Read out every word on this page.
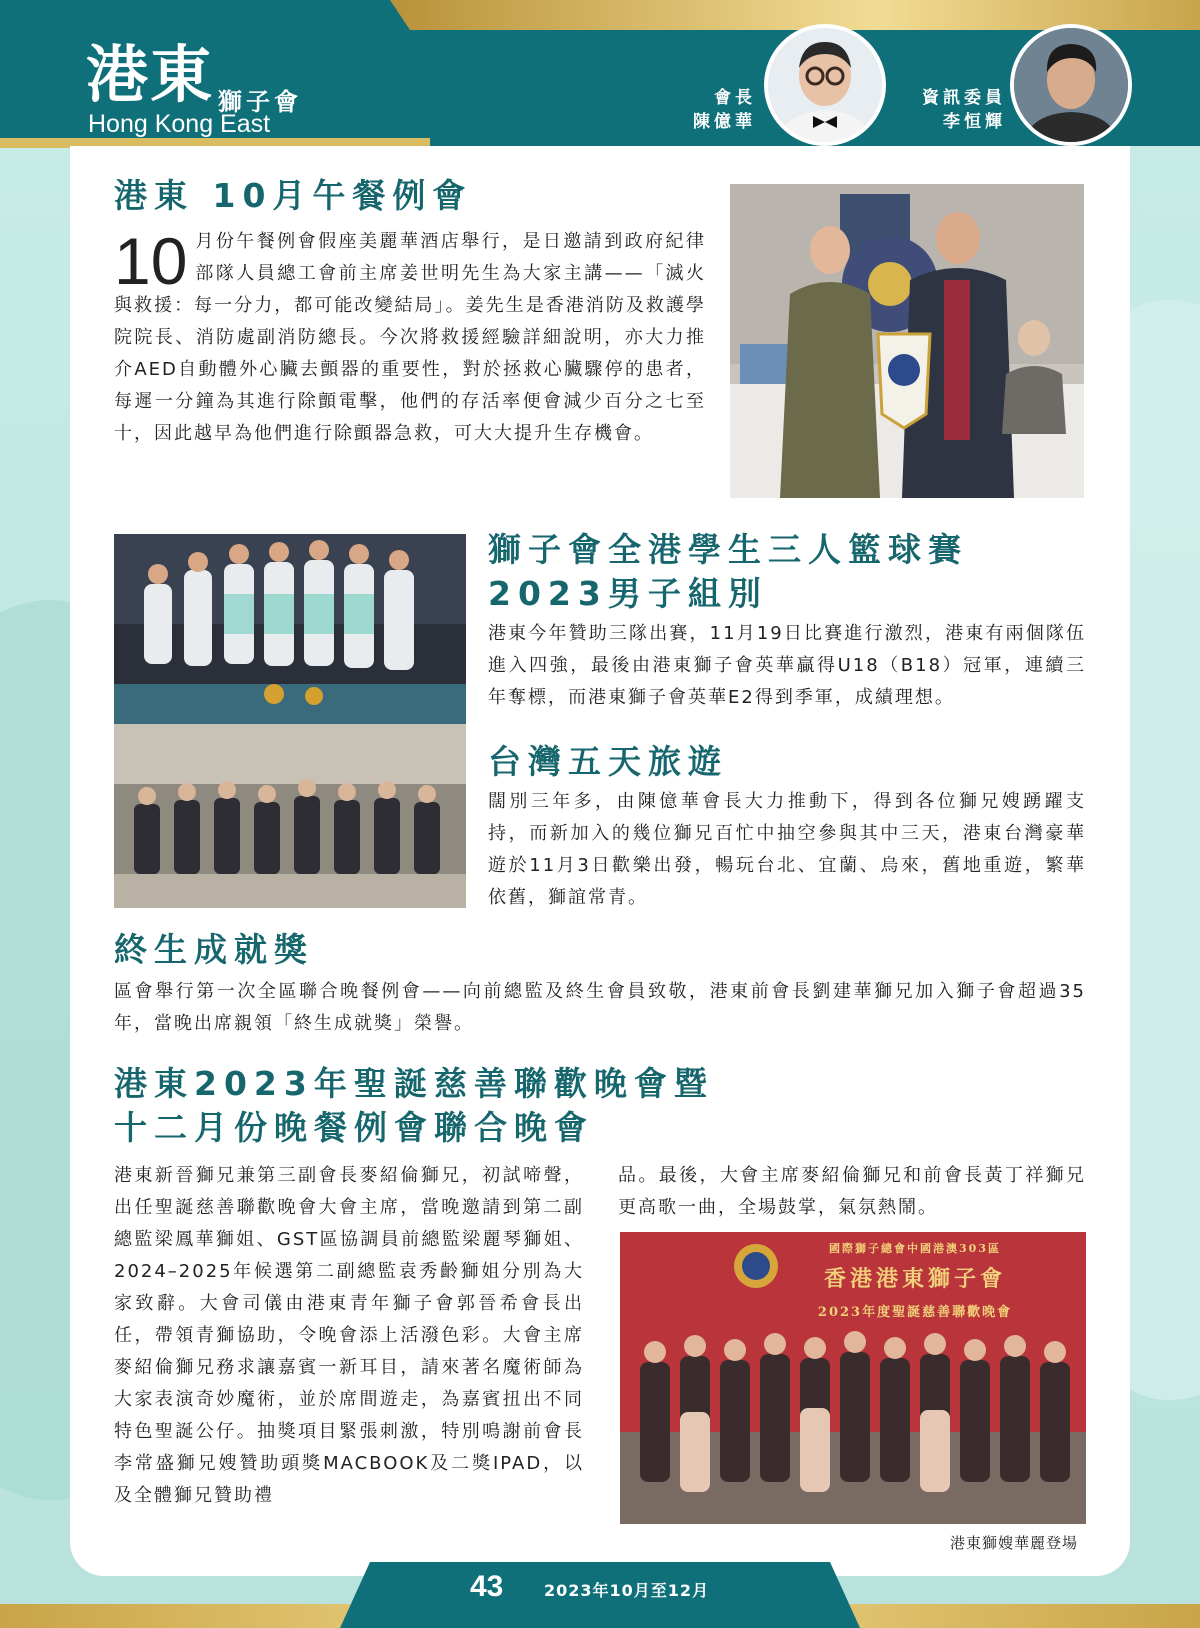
港東 獅子會
Hong Kong East
會長
陳億華
資訊委員
李恒輝
港東 10月午餐例會
10 月份午餐例會假座美麗華酒店舉行，是日邀請到政府紀律部隊人員總工會前主席姜世明先生為大家主講——「滅火與救援：每一分力，都可能改變結局」。姜先生是香港消防及救護學院院長、消防處副消防總長。今次將救援經驗詳細說明，亦大力推介AED自動體外心臟去顫器的重要性，對於拯救心臟驟停的患者，每遲一分鐘為其進行除顫電擊，他們的存活率便會減少百分之七至十，因此越早為他們進行除顫器急救，可大大提升生存機會。
獅子會全港學生三人籃球賽
2023男子組別

港東今年贊助三隊出賽，11月19日比賽進行激烈，港東有兩個隊伍進入四強，最後由港東獅子會英華贏得U18（B18）冠軍，連續三年奪標，而港東獅子會英華E2得到季軍，成績理想。

台灣五天旅遊

闊別三年多，由陳億華會長大力推動下，得到各位獅兄嫂踴躍支持，而新加入的幾位獅兄百忙中抽空參與其中三天，港東台灣豪華遊於11月3日歡樂出發，暢玩台北、宜蘭、烏來，舊地重遊，繁華依舊，獅誼常青。

終生成就獎

區會舉行第一次全區聯合晚餐例會——向前總監及終生會員致敬，港東前會長劉建華獅兄加入獅子會超過35年，當晚出席親領「終生成就獎」榮譽。

港東2023年聖誕慈善聯歡晚會暨
十二月份晚餐例會聯合晚會

港東新晉獅兄兼第三副會長麥紹倫獅兄，初試啼聲，出任聖誕慈善聯歡晚會大會主席，當晚邀請到第二副總監梁鳳華獅姐、GST區協調員前總監梁麗琴獅姐、2024–2025年候選第二副總監袁秀齡獅姐分別為大家致辭。大會司儀由港東青年獅子會郭晉希會長出任，帶領青獅協助，令晚會添上活潑色彩。大會主席麥紹倫獅兄務求讓嘉賓一新耳目，請來著名魔術師為大家表演奇妙魔術，並於席間遊走，為嘉賓扭出不同特色聖誕公仔。抽獎項目緊張刺激，特別鳴謝前會長李常盛獅兄嫂贊助頭獎MACBOOK及二獎IPAD，以及全體獅兄贊助禮

品。最後，大會主席麥紹倫獅兄和前會長黃丁祥獅兄更高歌一曲，全場鼓掌，氣氛熱鬧。

國際獅子總會中國港澳303區
香港港東獅子會
2023年度聖誕慈善聯歡晚會
港東獅嫂華麗登場
43	2023年10月至12月
